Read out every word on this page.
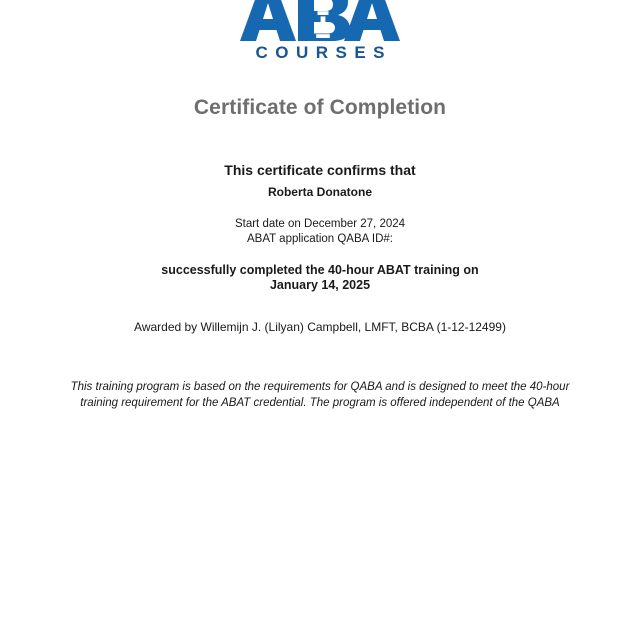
COURSES
Certificate of Completion
This certificate confirms that
Roberta Donatone
Start date on December 27, 2024
ABAT application QABA ID#:
successfully completed the 40-hour ABAT training on
January 14, 2025
Awarded by Willemijn J. (Lilyan) Campbell, LMFT, BCBA (1-12-12499)
This training program is based on the requirements for QABA and is designed to meet the 40-hour training requirement for the ABAT credential. The program is offered independent of the QABA
